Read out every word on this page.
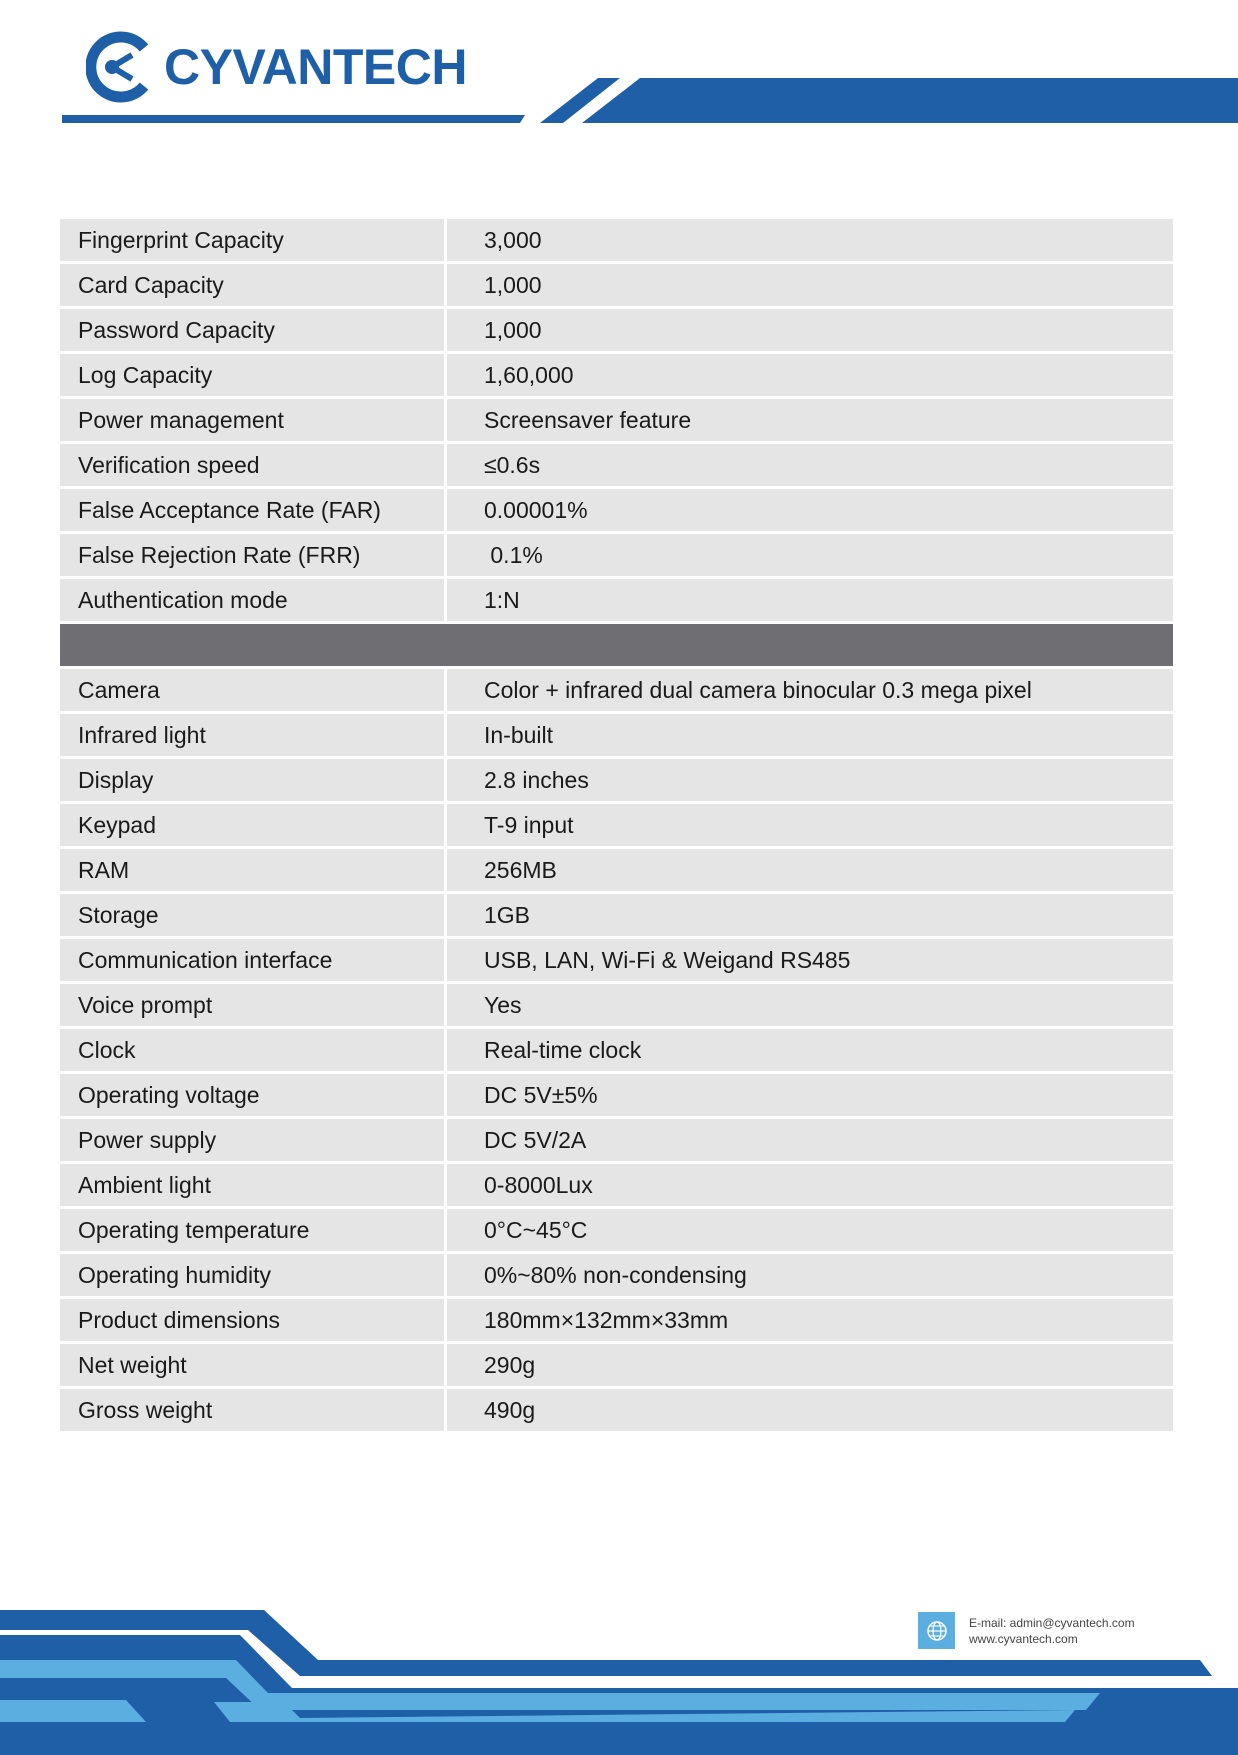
CYVANTECH
Fingerprint Capacity	3,000
Card Capacity	1,000
Password Capacity	1,000
Log Capacity	1,60,000
Power management	Screensaver feature
Verification speed	≤0.6s
False Acceptance Rate (FAR)	0.00001%
False Rejection Rate (FRR)	0.1%
Authentication mode	1:N
Camera	Color + infrared dual camera binocular 0.3 mega pixel
Infrared light	In-built
Display	2.8 inches
Keypad	T-9 input
RAM	256MB
Storage	1GB
Communication interface	USB, LAN, Wi-Fi & Weigand RS485
Voice prompt	Yes
Clock	Real-time clock
Operating voltage	DC 5V±5%
Power supply	DC 5V/2A
Ambient light	0-8000Lux
Operating temperature	0°C~45°C
Operating humidity	0%~80% non-condensing
Product dimensions	180mm×132mm×33mm
Net weight	290g
Gross weight	490g
E-mail: admin@cyvantech.com
www.cyvantech.com
